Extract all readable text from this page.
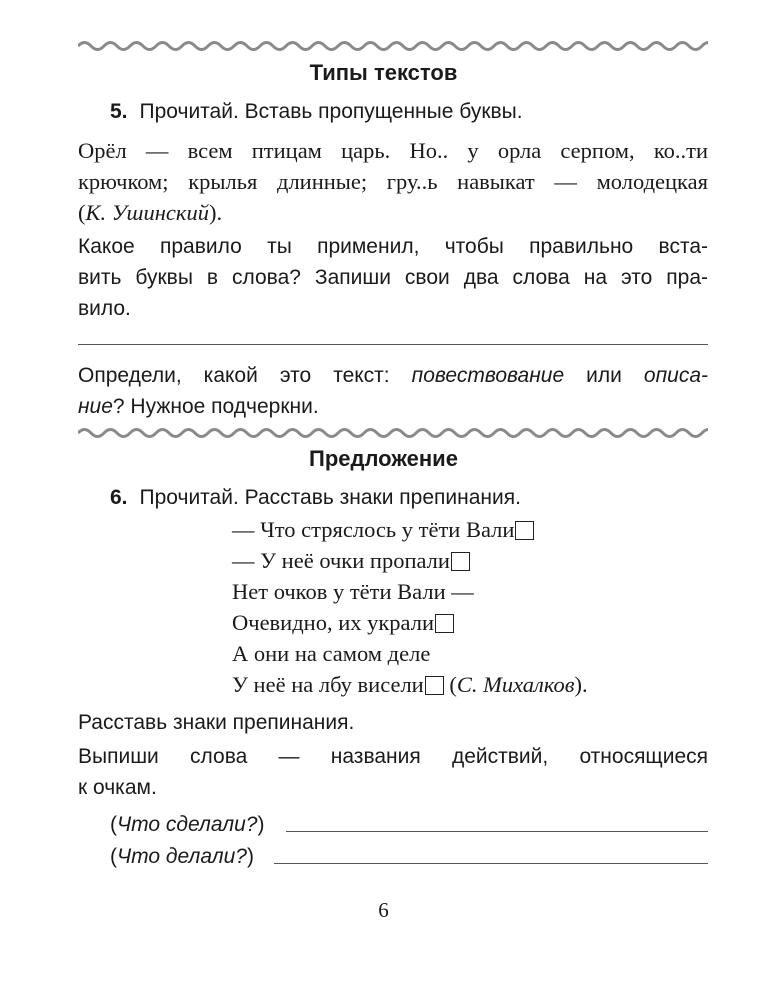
Типы текстов
5. Прочитай. Вставь пропущенные буквы.
Орёл — всем птицам царь. Но.. у орла серпом, ко..ти
крючком; крылья длинные; гру..ь навыкат — молодецкая
(К. Ушинский).
Какое правило ты применил, чтобы правильно вста-
вить буквы в слова? Запиши свои два слова на это пра-
вило.
Определи, какой это текст: повествование или описа-
ние? Нужное подчеркни.
Предложение
6. Прочитай. Расставь знаки препинания.
— Что стряслось у тёти Вали
— У неё очки пропали
Нет очков у тёти Вали —
Очевидно, их украли
А они на самом деле
У неё на лбу висели (С. Михалков).
Расставь знаки препинания.
Выпиши слова — названия действий, относящиеся
к очкам.
(Что сделали?)
(Что делали?)
6
